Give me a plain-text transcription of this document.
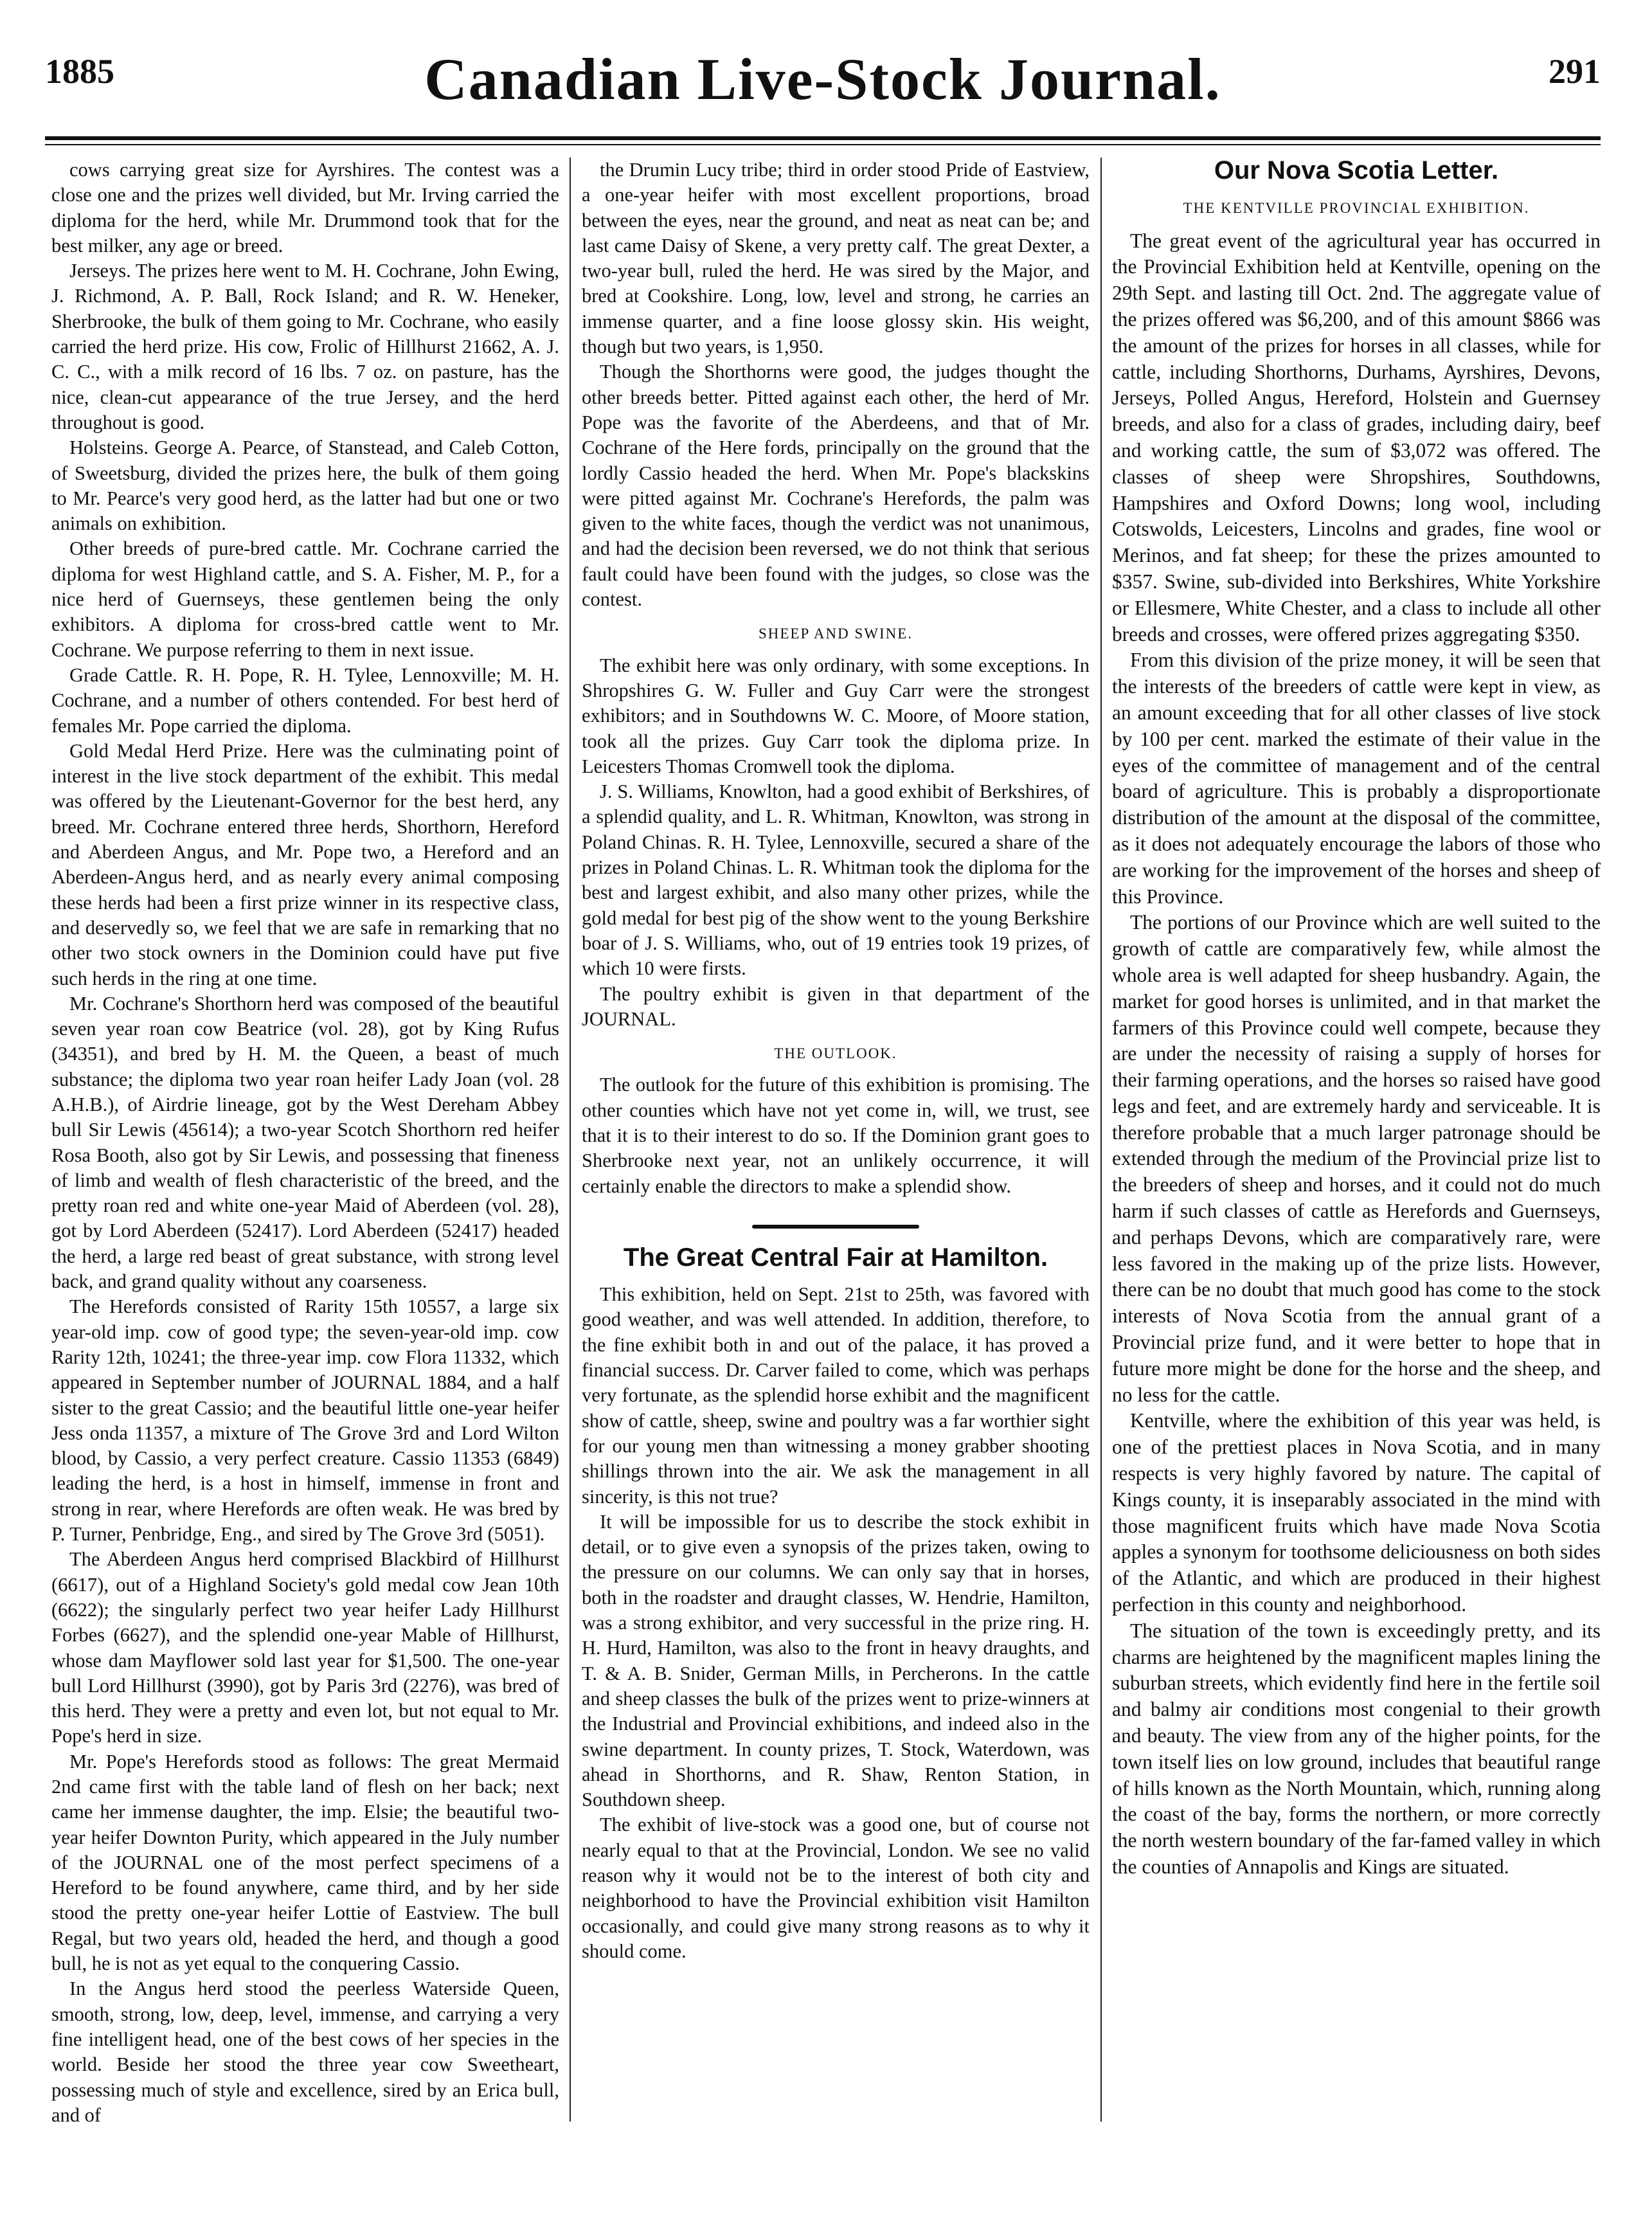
1885	Canadian Live-Stock Journal.	291

cows carrying great size for Ayrshires. The contest was a close one and the prizes well divided, but Mr. Irving carried the diploma for the herd, while Mr. Drummond took that for the best milker, any age or breed.

Jerseys. The prizes here went to M. H. Cochrane, John Ewing, J. Richmond, A. P. Ball, Rock Island; and R. W. Heneker, Sherbrooke, the bulk of them going to Mr. Cochrane, who easily carried the herd prize. His cow, Frolic of Hillhurst 21662, A. J. C. C., with a milk record of 16 lbs. 7 oz. on pasture, has the nice, clean-cut appearance of the true Jersey, and the herd throughout is good.

Holsteins. George A. Pearce, of Stanstead, and Caleb Cotton, of Sweetsburg, divided the prizes here, the bulk of them going to Mr. Pearce's very good herd, as the latter had but one or two animals on exhibition.

Other breeds of pure-bred cattle. Mr. Cochrane carried the diploma for west Highland cattle, and S. A. Fisher, M. P., for a nice herd of Guernseys, these gentlemen being the only exhibitors. A diploma for cross-bred cattle went to Mr. Cochrane. We purpose referring to them in next issue.

Grade Cattle. R. H. Pope, R. H. Tylee, Lennoxville; M. H. Cochrane, and a number of others contended. For best herd of females Mr. Pope carried the diploma.

Gold Medal Herd Prize. Here was the culminating point of interest in the live stock department of the exhibit. This medal was offered by the Lieutenant-Governor for the best herd, any breed. Mr. Cochrane entered three herds, Shorthorn, Hereford and Aberdeen Angus, and Mr. Pope two, a Hereford and an Aberdeen-Angus herd, and as nearly every animal composing these herds had been a first prize winner in its respective class, and deservedly so, we feel that we are safe in remarking that no other two stock owners in the Dominion could have put five such herds in the ring at one time.

Mr. Cochrane's Shorthorn herd was composed of the beautiful seven year roan cow Beatrice (vol. 28), got by King Rufus (34351), and bred by H. M. the Queen, a beast of much substance; the diploma two year roan heifer Lady Joan (vol. 28 A.H.B.), of Airdrie lineage, got by the West Dereham Abbey bull Sir Lewis (45614); a two-year Scotch Shorthorn red heifer Rosa Booth, also got by Sir Lewis, and possessing that fineness of limb and wealth of flesh characteristic of the breed, and the pretty roan red and white one-year Maid of Aberdeen (vol. 28), got by Lord Aberdeen (52417). Lord Aberdeen (52417) headed the herd, a large red beast of great substance, with strong level back, and grand quality without any coarseness.

The Herefords consisted of Rarity 15th 10557, a large six year-old imp. cow of good type; the seven-year-old imp. cow Rarity 12th, 10241; the three-year imp. cow Flora 11332, which appeared in September number of JOURNAL 1884, and a half sister to the great Cassio; and the beautiful little one-year heifer Jess onda 11357, a mixture of The Grove 3rd and Lord Wilton blood, by Cassio, a very perfect creature. Cassio 11353 (6849) leading the herd, is a host in himself, immense in front and strong in rear, where Herefords are often weak. He was bred by P. Turner, Penbridge, Eng., and sired by The Grove 3rd (5051).

The Aberdeen Angus herd comprised Blackbird of Hillhurst (6617), out of a Highland Society's gold medal cow Jean 10th (6622); the singularly perfect two year heifer Lady Hillhurst Forbes (6627), and the splendid one-year Mable of Hillhurst, whose dam Mayflower sold last year for $1,500. The one-year bull Lord Hillhurst (3990), got by Paris 3rd (2276), was bred of this herd. They were a pretty and even lot, but not equal to Mr. Pope's herd in size.

Mr. Pope's Herefords stood as follows: The great Mermaid 2nd came first with the table land of flesh on her back; next came her immense daughter, the imp. Elsie; the beautiful two-year heifer Downton Purity, which appeared in the July number of the JOURNAL one of the most perfect specimens of a Hereford to be found anywhere, came third, and by her side stood the pretty one-year heifer Lottie of Eastview. The bull Regal, but two years old, headed the herd, and though a good bull, he is not as yet equal to the conquering Cassio.

In the Angus herd stood the peerless Waterside Queen, smooth, strong, low, deep, level, immense, and carrying a very fine intelligent head, one of the best cows of her species in the world. Beside her stood the three year cow Sweetheart, possessing much of style and excellence, sired by an Erica bull, and of

the Drumin Lucy tribe; third in order stood Pride of Eastview, a one-year heifer with most excellent proportions, broad between the eyes, near the ground, and neat as neat can be; and last came Daisy of Skene, a very pretty calf. The great Dexter, a two-year bull, ruled the herd. He was sired by the Major, and bred at Cookshire. Long, low, level and strong, he carries an immense quarter, and a fine loose glossy skin. His weight, though but two years, is 1,950.

Though the Shorthorns were good, the judges thought the other breeds better. Pitted against each other, the herd of Mr. Pope was the favorite of the Aberdeens, and that of Mr. Cochrane of the Here fords, principally on the ground that the lordly Cassio headed the herd. When Mr. Pope's blackskins were pitted against Mr. Cochrane's Herefords, the palm was given to the white faces, though the verdict was not unanimous, and had the decision been reversed, we do not think that serious fault could have been found with the judges, so close was the contest.

SHEEP AND SWINE.

The exhibit here was only ordinary, with some exceptions. In Shropshires G. W. Fuller and Guy Carr were the strongest exhibitors; and in Southdowns W. C. Moore, of Moore station, took all the prizes. Guy Carr took the diploma prize. In Leicesters Thomas Cromwell took the diploma.

J. S. Williams, Knowlton, had a good exhibit of Berkshires, of a splendid quality, and L. R. Whitman, Knowlton, was strong in Poland Chinas. R. H. Tylee, Lennoxville, secured a share of the prizes in Poland Chinas. L. R. Whitman took the diploma for the best and largest exhibit, and also many other prizes, while the gold medal for best pig of the show went to the young Berkshire boar of J. S. Williams, who, out of 19 entries took 19 prizes, of which 10 were firsts.

The poultry exhibit is given in that department of the JOURNAL.

THE OUTLOOK.

The outlook for the future of this exhibition is promising. The other counties which have not yet come in, will, we trust, see that it is to their interest to do so. If the Dominion grant goes to Sherbrooke next year, not an unlikely occurrence, it will certainly enable the directors to make a splendid show.

The Great Central Fair at Hamilton.

This exhibition, held on Sept. 21st to 25th, was favored with good weather, and was well attended. In addition, therefore, to the fine exhibit both in and out of the palace, it has proved a financial success. Dr. Carver failed to come, which was perhaps very fortunate, as the splendid horse exhibit and the magnificent show of cattle, sheep, swine and poultry was a far worthier sight for our young men than witnessing a money grabber shooting shillings thrown into the air. We ask the management in all sincerity, is this not true?

It will be impossible for us to describe the stock exhibit in detail, or to give even a synopsis of the prizes taken, owing to the pressure on our columns. We can only say that in horses, both in the roadster and draught classes, W. Hendrie, Hamilton, was a strong exhibitor, and very successful in the prize ring. H. H. Hurd, Hamilton, was also to the front in heavy draughts, and T. & A. B. Snider, German Mills, in Percherons. In the cattle and sheep classes the bulk of the prizes went to prize-winners at the Industrial and Provincial exhibitions, and indeed also in the swine department. In county prizes, T. Stock, Waterdown, was ahead in Shorthorns, and R. Shaw, Renton Station, in Southdown sheep.

The exhibit of live-stock was a good one, but of course not nearly equal to that at the Provincial, London. We see no valid reason why it would not be to the interest of both city and neighborhood to have the Provincial exhibition visit Hamilton occasionally, and could give many strong reasons as to why it should come.

Our Nova Scotia Letter.
THE KENTVILLE PROVINCIAL EXHIBITION.

The great event of the agricultural year has occurred in the Provincial Exhibition held at Kentville, opening on the 29th Sept. and lasting till Oct. 2nd. The aggregate value of the prizes offered was $6,200, and of this amount $866 was the amount of the prizes for horses in all classes, while for cattle, including Shorthorns, Durhams, Ayrshires, Devons, Jerseys, Polled Angus, Hereford, Holstein and Guernsey breeds, and also for a class of grades, including dairy, beef and working cattle, the sum of $3,072 was offered. The classes of sheep were Shropshires, Southdowns, Hampshires and Oxford Downs; long wool, including Cotswolds, Leicesters, Lincolns and grades, fine wool or Merinos, and fat sheep; for these the prizes amounted to $357. Swine, sub-divided into Berkshires, White Yorkshire or Ellesmere, White Chester, and a class to include all other breeds and crosses, were offered prizes aggregating $350.

From this division of the prize money, it will be seen that the interests of the breeders of cattle were kept in view, as an amount exceeding that for all other classes of live stock by 100 per cent. marked the estimate of their value in the eyes of the committee of management and of the central board of agriculture. This is probably a disproportionate distribution of the amount at the disposal of the committee, as it does not adequately encourage the labors of those who are working for the improvement of the horses and sheep of this Province.

The portions of our Province which are well suited to the growth of cattle are comparatively few, while almost the whole area is well adapted for sheep husbandry. Again, the market for good horses is unlimited, and in that market the farmers of this Province could well compete, because they are under the necessity of raising a supply of horses for their farming operations, and the horses so raised have good legs and feet, and are extremely hardy and serviceable. It is therefore probable that a much larger patronage should be extended through the medium of the Provincial prize list to the breeders of sheep and horses, and it could not do much harm if such classes of cattle as Herefords and Guernseys, and perhaps Devons, which are comparatively rare, were less favored in the making up of the prize lists. However, there can be no doubt that much good has come to the stock interests of Nova Scotia from the annual grant of a Provincial prize fund, and it were better to hope that in future more might be done for the horse and the sheep, and no less for the cattle.

Kentville, where the exhibition of this year was held, is one of the prettiest places in Nova Scotia, and in many respects is very highly favored by nature. The capital of Kings county, it is inseparably associated in the mind with those magnificent fruits which have made Nova Scotia apples a synonym for toothsome deliciousness on both sides of the Atlantic, and which are produced in their highest perfection in this county and neighborhood.

The situation of the town is exceedingly pretty, and its charms are heightened by the magnificent maples lining the suburban streets, which evidently find here in the fertile soil and balmy air conditions most congenial to their growth and beauty. The view from any of the higher points, for the town itself lies on low ground, includes that beautiful range of hills known as the North Mountain, which, running along the coast of the bay, forms the northern, or more correctly the north western boundary of the far-famed valley in which the counties of Annapolis and Kings are situated.
